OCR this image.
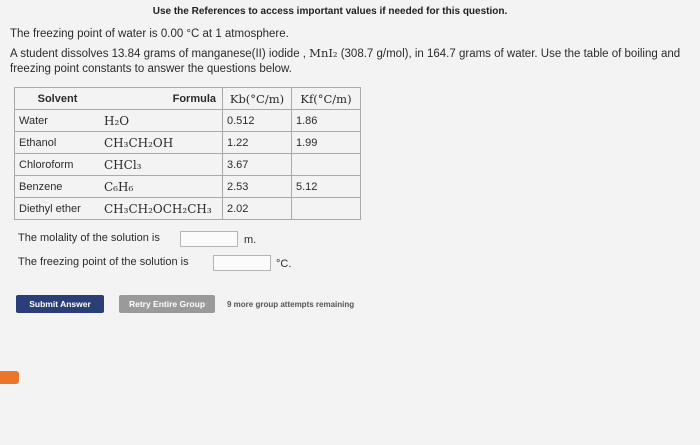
Use the References to access important values if needed for this question.
The freezing point of water is 0.00 °C at 1 atmosphere.
A student dissolves 13.84 grams of manganese(II) iodide , MnI₂ (308.7 g/mol), in 164.7 grams of water. Use the table of boiling and freezing point constants to answer the questions below.
Solvent	Formula	Kb(°C/m)	Kf(°C/m)
Water	H₂O	0.512	1.86
Ethanol	CH₃CH₂OH	1.22	1.99
Chloroform	CHCl₃	3.67	
Benzene	C₆H₆	2.53	5.12
Diethyl ether	CH₃CH₂OCH₂CH₃	2.02	
The molality of the solution is	m.
The freezing point of the solution is	°C.
Submit Answer	Retry Entire Group	9 more group attempts remaining
